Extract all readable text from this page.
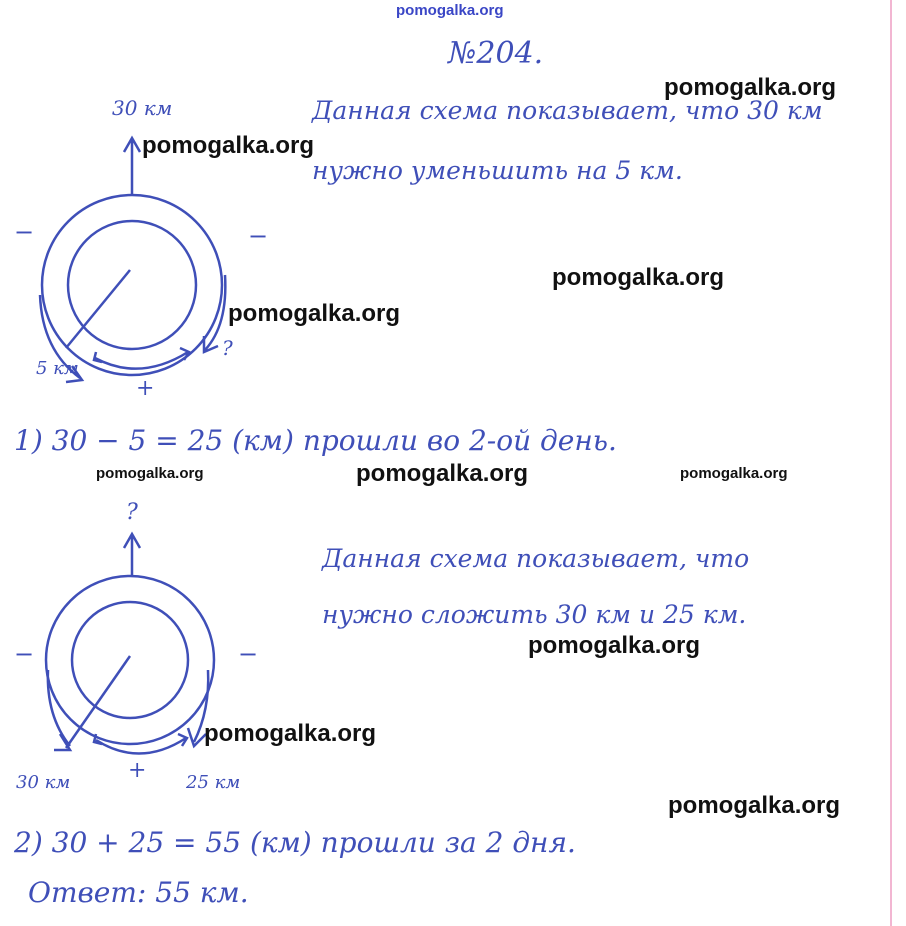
pomogalka.org
№204.
30 км
5 км
?
−	−
+
Данная схема показывает, что 30 км
нужно уменьшить на 5 км.
1) 30 − 5 = 25 (км) прошли во 2-ой день.
?
30 км	25 км
−	−
+
Данная схема показывает, что
нужно сложить 30 км и 25 км.
2) 30 + 25 = 55 (км) прошли за 2 дня.
Ответ: 55 км.
pomogalka.org
pomogalka.org
pomogalka.org
pomogalka.org
pomogalka.org	pomogalka.org	pomogalka.org
pomogalka.org
pomogalka.org
pomogalka.org
